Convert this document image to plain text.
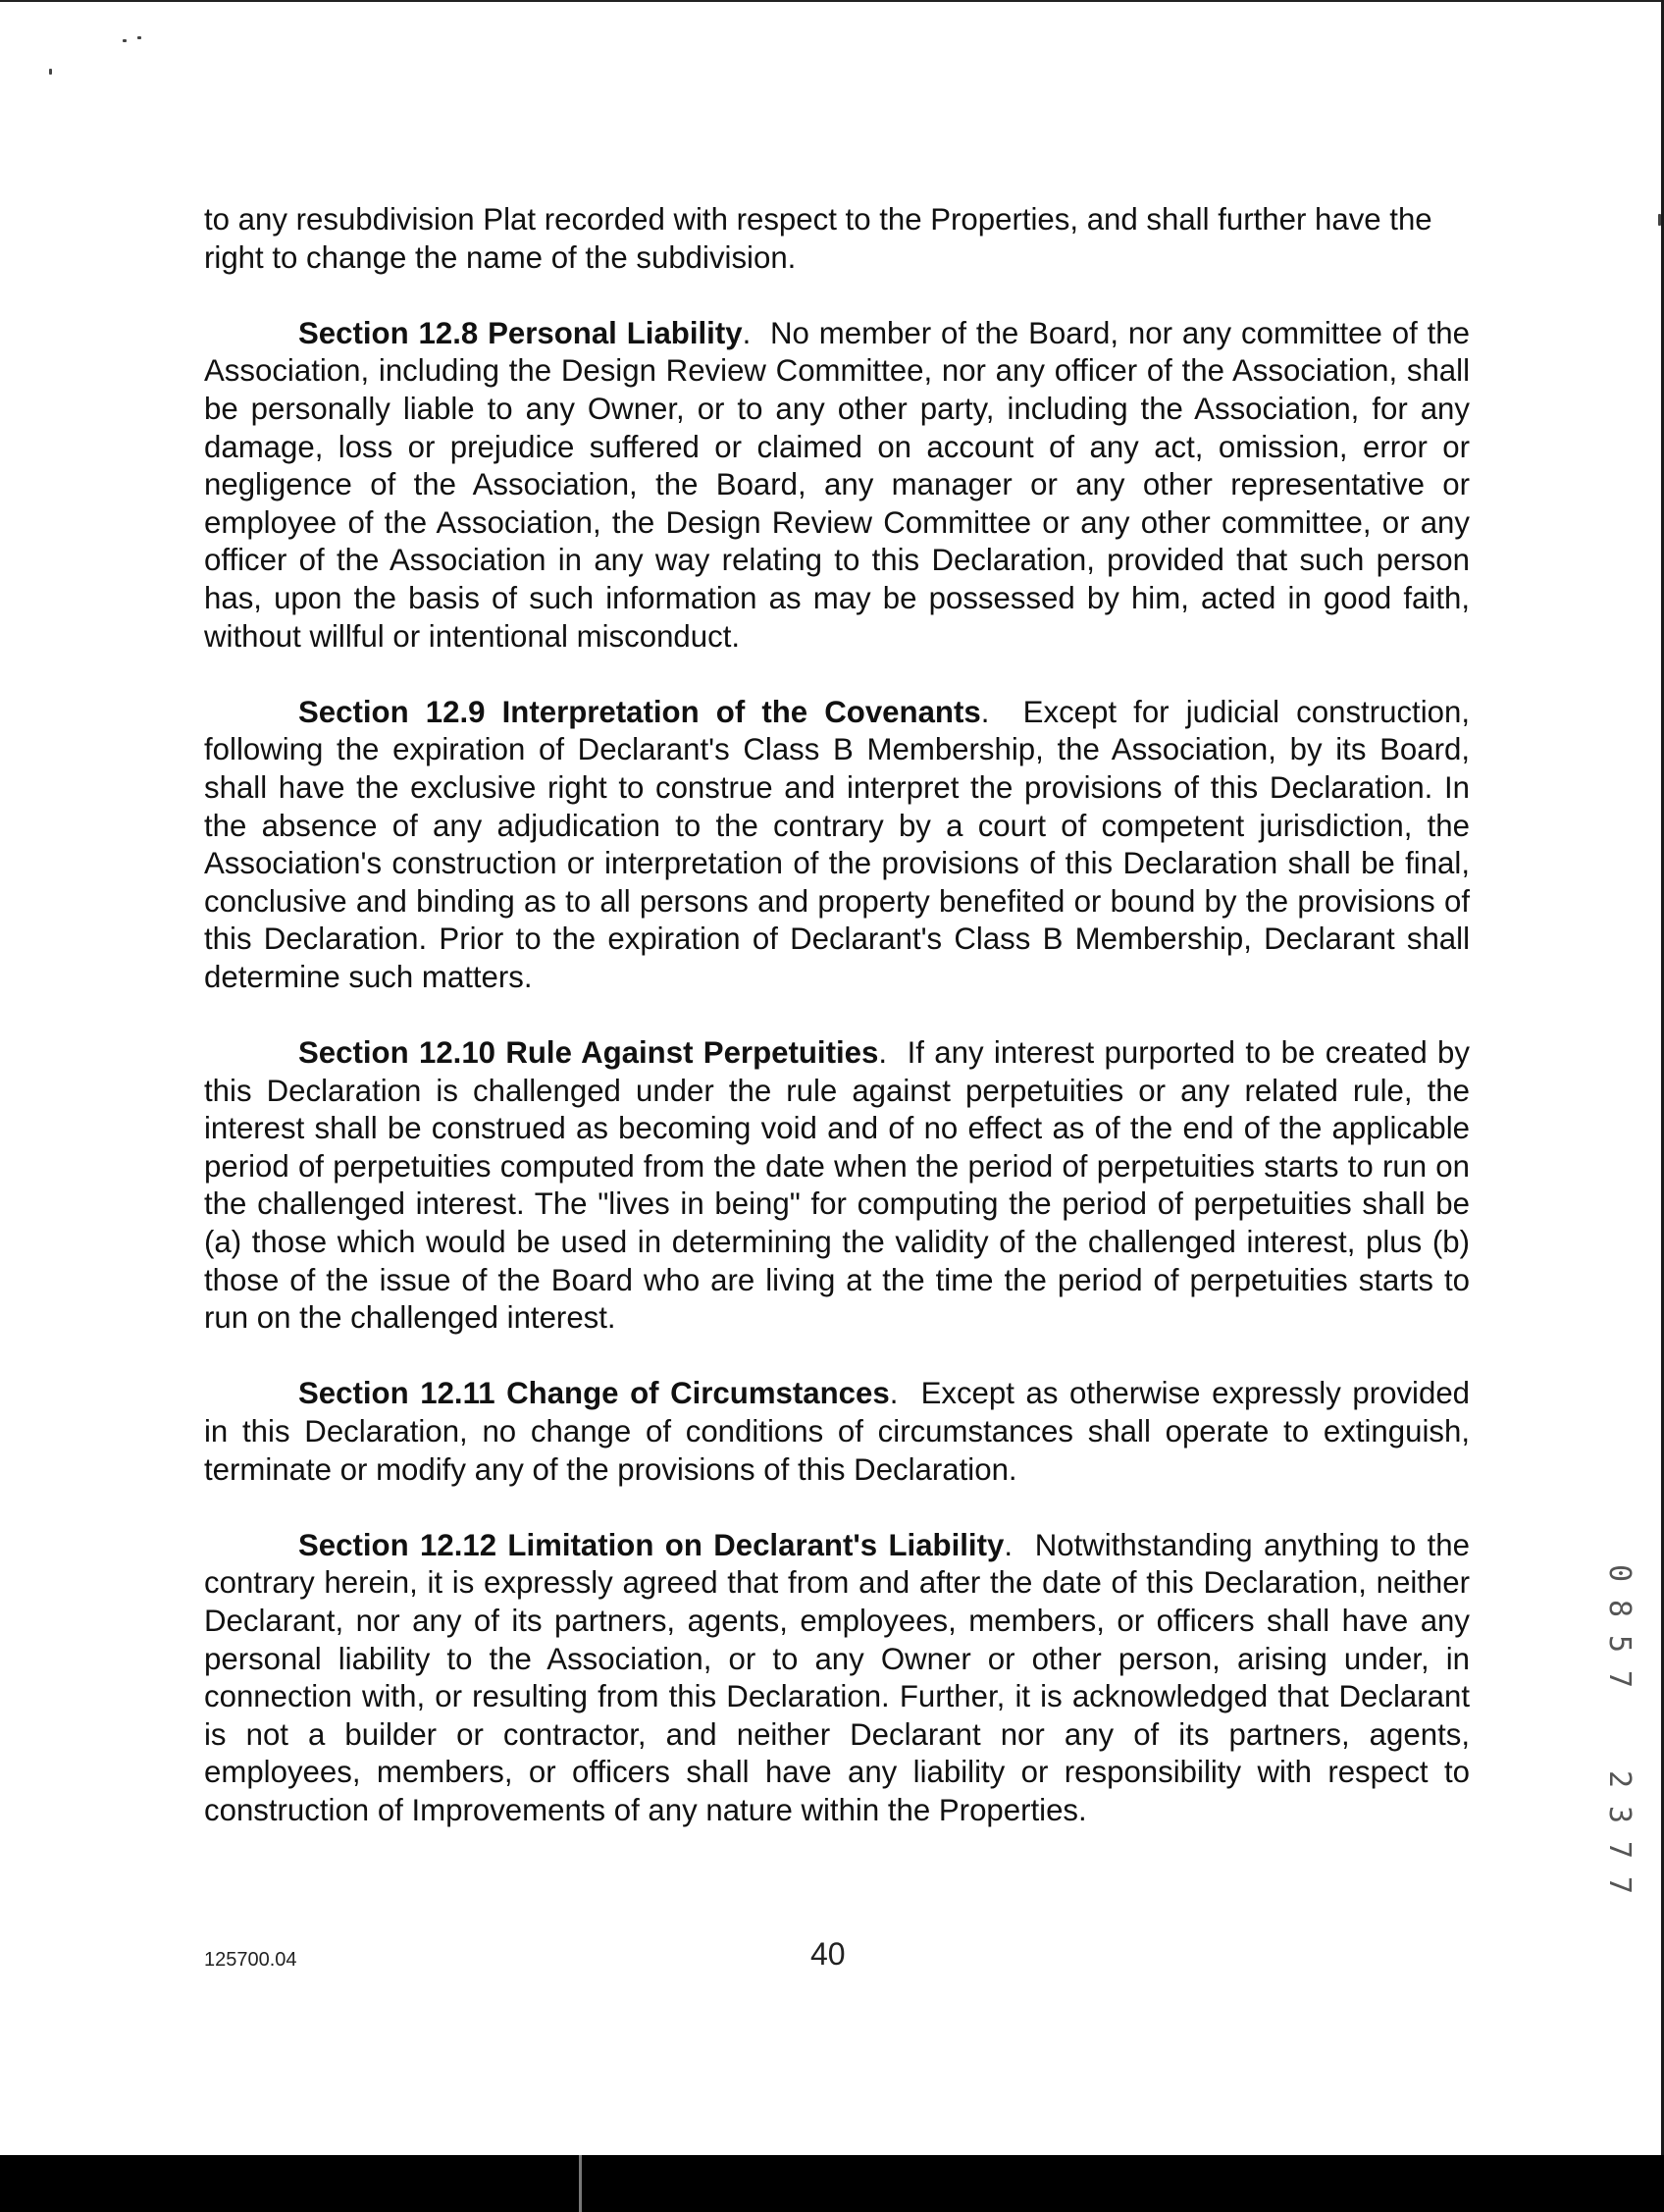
to any resubdivision Plat recorded with respect to the Properties, and shall further have the right to change the name of the subdivision.

Section 12.8 Personal Liability.  No member of the Board, nor any committee of the Association, including the Design Review Committee, nor any officer of the Association, shall be personally liable to any Owner, or to any other party, including the Association, for any damage, loss or prejudice suffered or claimed on account of any act, omission, error or negligence of the Association, the Board, any manager or any other representative or employee of the Association, the Design Review Committee or any other committee, or any officer of the Association in any way relating to this Declaration, provided that such person has, upon the basis of such information as may be possessed by him, acted in good faith, without willful or intentional misconduct.

Section 12.9 Interpretation of the Covenants.  Except for judicial construction, following the expiration of Declarant's Class B Membership, the Association, by its Board, shall have the exclusive right to construe and interpret the provisions of this Declaration. In the absence of any adjudication to the contrary by a court of competent jurisdiction, the Association's construction or interpretation of the provisions of this Declaration shall be final, conclusive and binding as to all persons and property benefited or bound by the provisions of this Declaration. Prior to the expiration of Declarant's Class B Membership, Declarant shall determine such matters.

Section 12.10 Rule Against Perpetuities.  If any interest purported to be created by this Declaration is challenged under the rule against perpetuities or any related rule, the interest shall be construed as becoming void and of no effect as of the end of the applicable period of perpetuities computed from the date when the period of perpetuities starts to run on the challenged interest. The "lives in being" for computing the period of perpetuities shall be (a) those which would be used in determining the validity of the challenged interest, plus (b) those of the issue of the Board who are living at the time the period of perpetuities starts to run on the challenged interest.

Section 12.11 Change of Circumstances.  Except as otherwise expressly provided in this Declaration, no change of conditions of circumstances shall operate to extinguish, terminate or modify any of the provisions of this Declaration.

Section 12.12 Limitation on Declarant's Liability.  Notwithstanding anything to the contrary herein, it is expressly agreed that from and after the date of this Declaration, neither Declarant, nor any of its partners, agents, employees, members, or officers shall have any personal liability to the Association, or to any Owner or other person, arising under, in connection with, or resulting from this Declaration. Further, it is acknowledged that Declarant is not a builder or contractor, and neither Declarant nor any of its partners, agents, employees, members, or officers shall have any liability or responsibility with respect to construction of Improvements of any nature within the Properties.

125700.04	40
0
8
5
7
2
3
7
7
